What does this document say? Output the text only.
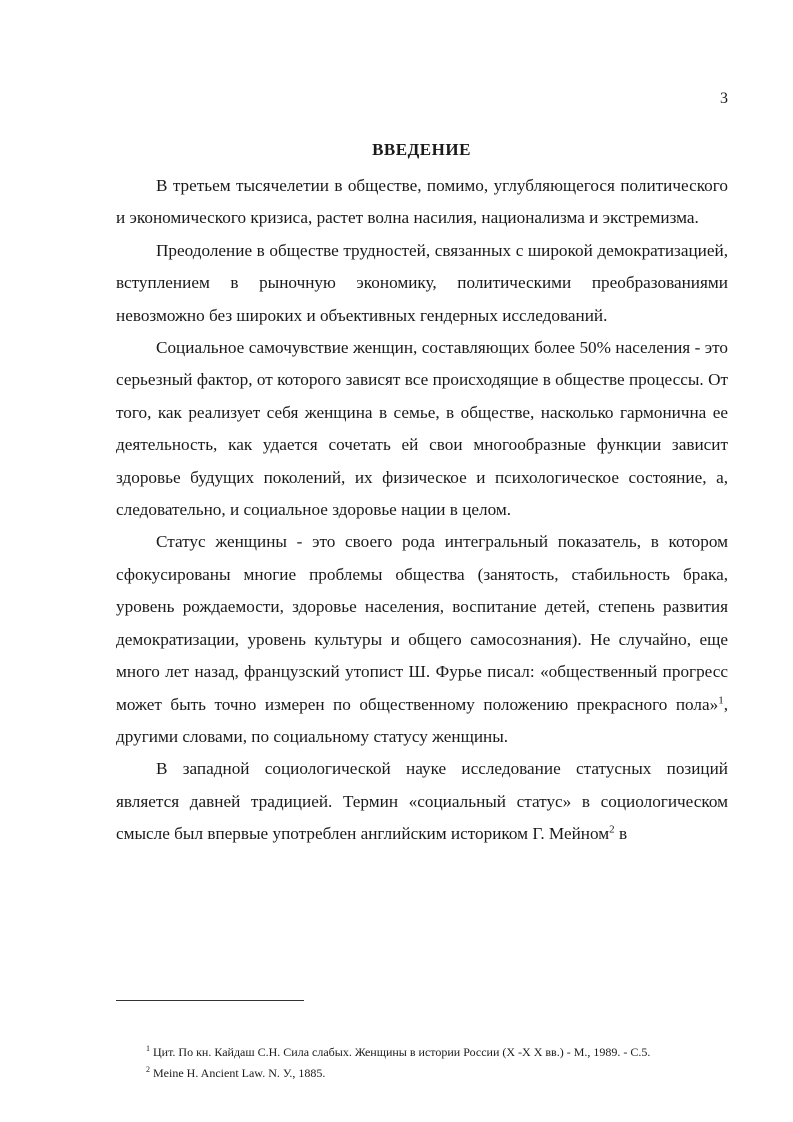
3
ВВЕДЕНИЕ

В третьем тысячелетии в обществе, помимо, углубляющегося политического и экономического кризиса, растет волна насилия, национализма и экстремизма.

Преодоление в обществе трудностей, связанных с широкой демократизацией, вступлением в рыночную экономику, политическими преобразованиями невозможно без широких и объективных гендерных исследований.

Социальное самочувствие женщин, составляющих более 50% населения - это серьезный фактор, от которого зависят все происходящие в обществе процессы. От того, как реализует себя женщина в семье, в обществе, насколько гармонична ее деятельность, как удается сочетать ей свои многообразные функции зависит здоровье будущих поколений, их физическое и психологическое состояние, а, следовательно, и социальное здоровье нации в целом.

Статус женщины - это своего рода интегральный показатель, в котором сфокусированы многие проблемы общества (занятость, стабильность брака, уровень рождаемости, здоровье населения, воспитание детей, степень развития демократизации, уровень культуры и общего самосознания). Не случайно, еще много лет назад, французский утопист Ш. Фурье писал: «общественный прогресс может быть точно измерен по общественному положению прекрасного пола»$^1$, другими словами, по социальному статусу женщины.

В западной социологической науке исследование статусных позиций является давней традицией. Термин «социальный статус» в социологическом смысле был впервые употреблен английским историком Г. Мейном$^2$ в

$^1$ Цит. По кн. Кайдаш С.Н. Сила слабых. Женщины в истории России (X -X X вв.) - М., 1989. - С.5.
$^2$ Meine H. Ancient Law. N. У., 1885.
